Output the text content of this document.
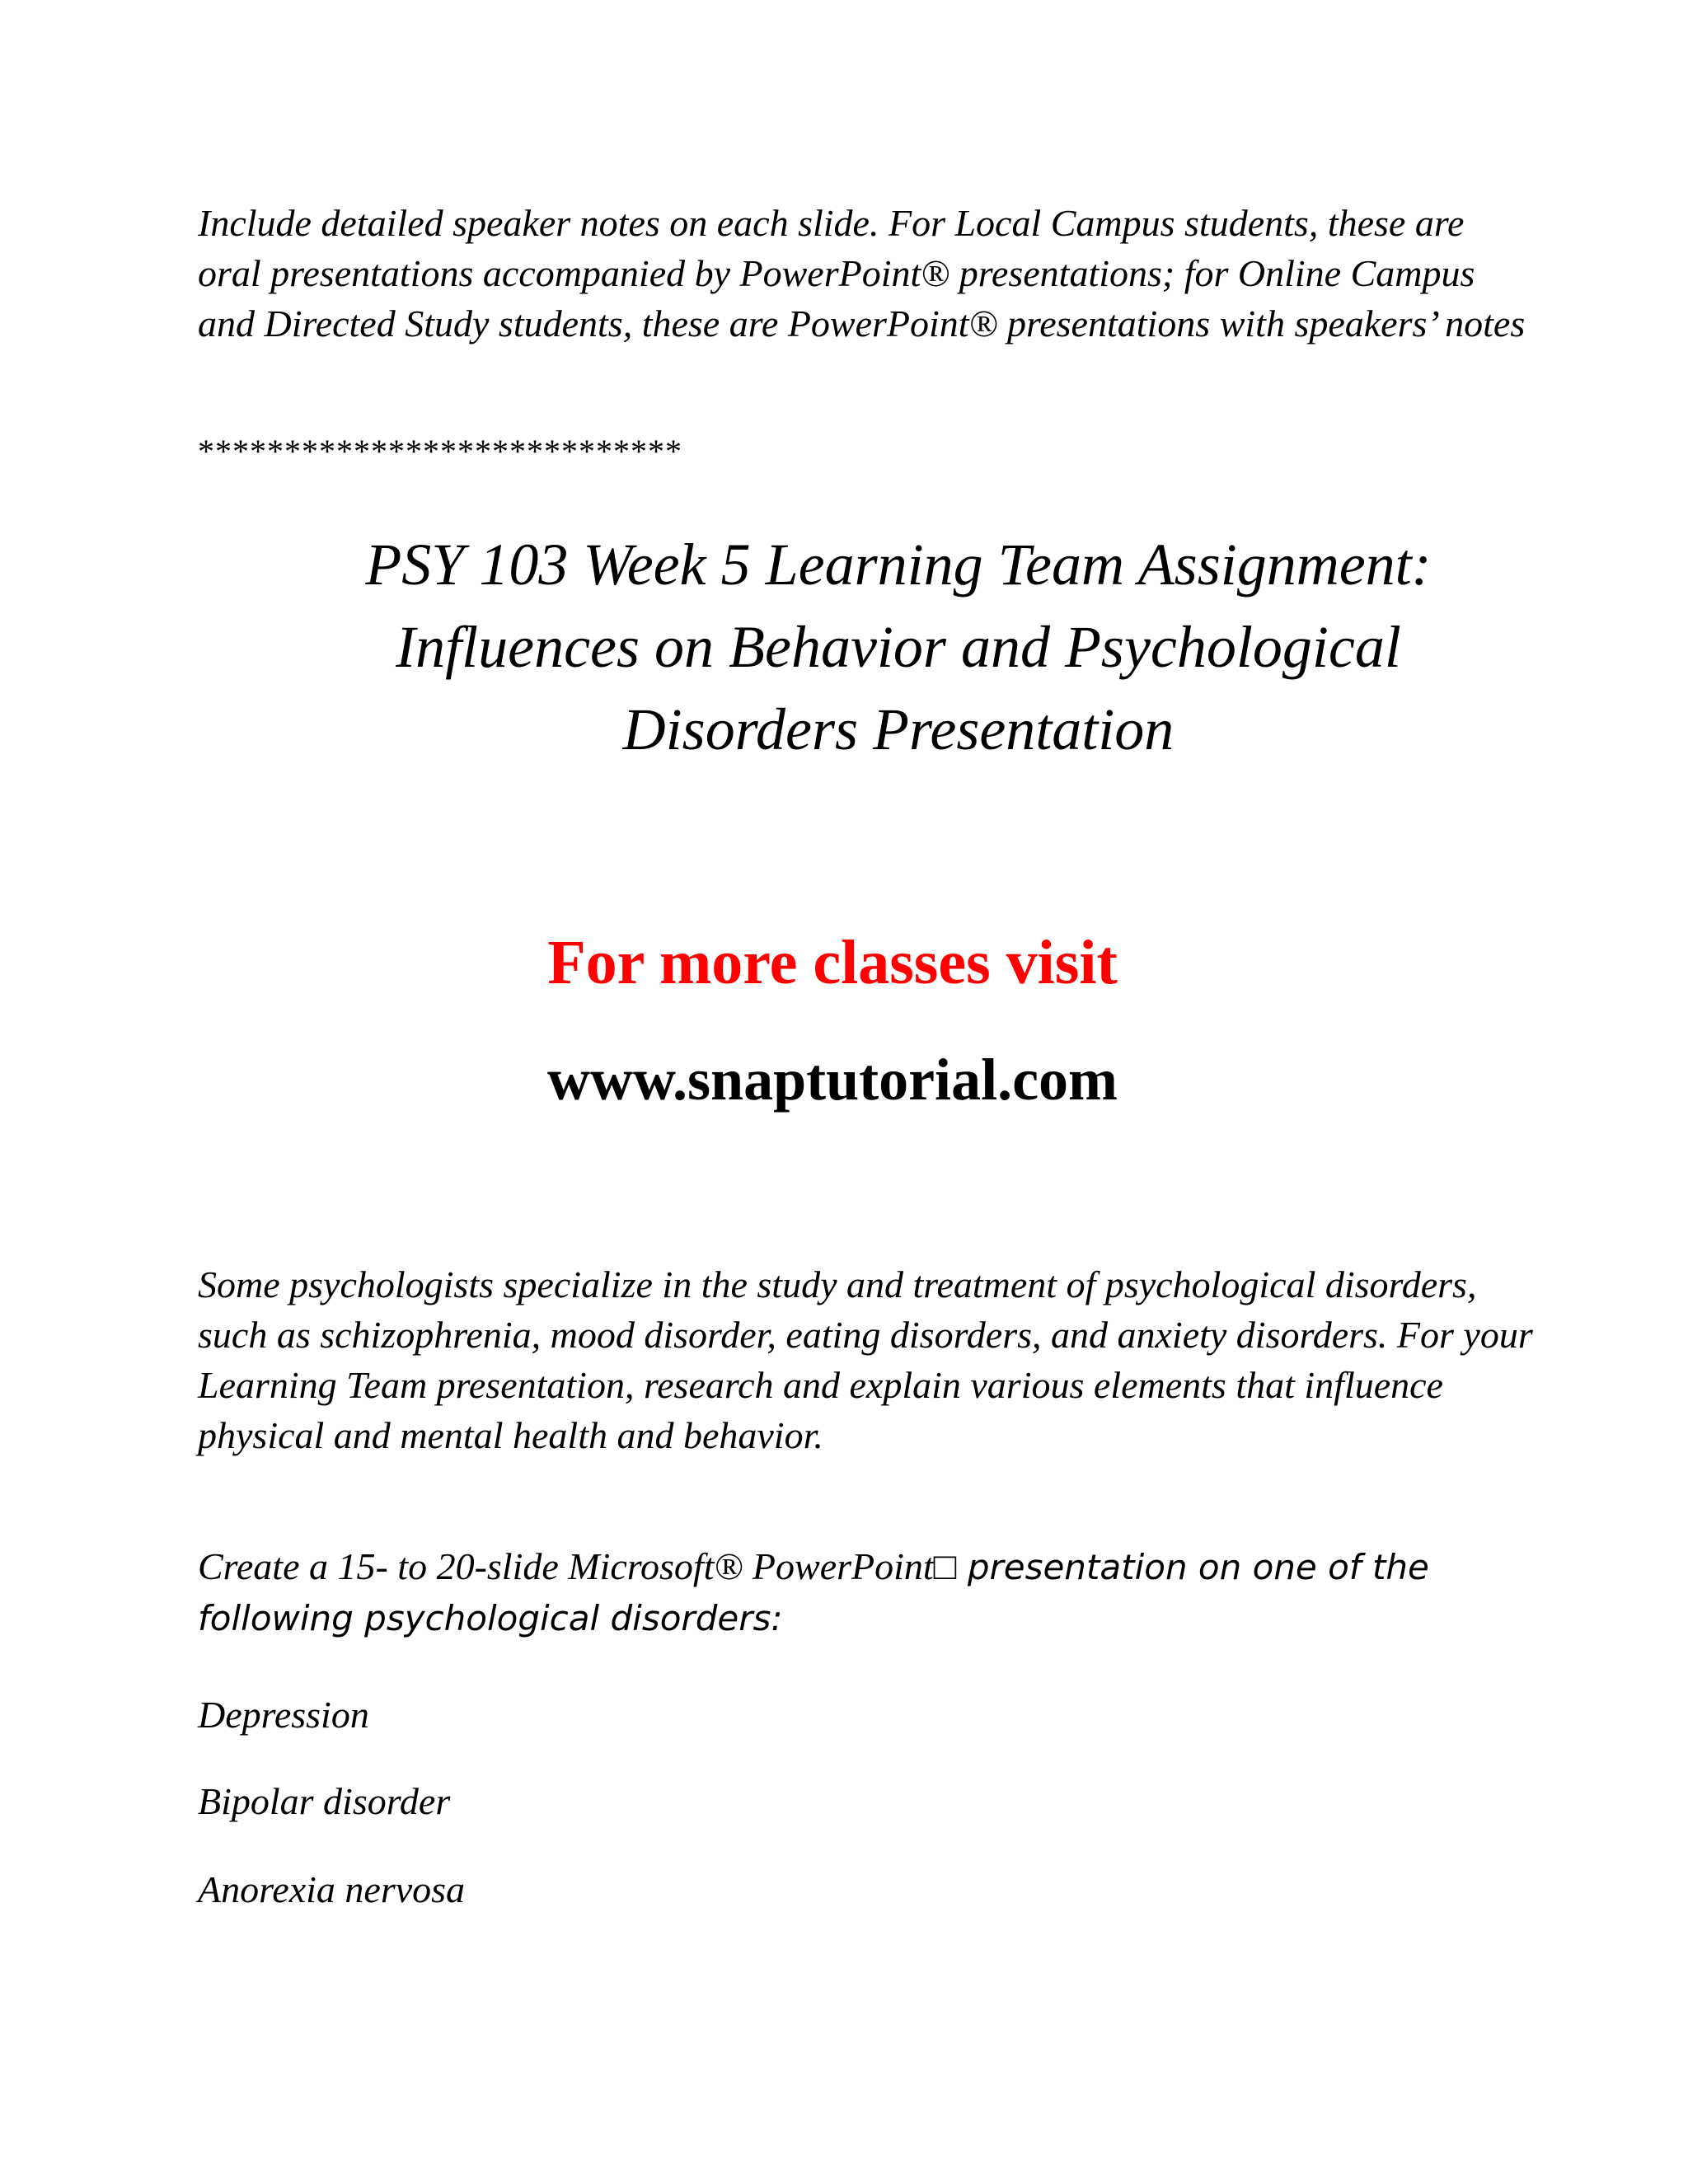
Include detailed speaker notes on each slide. For Local Campus students, these are oral presentations accompanied by PowerPoint® presentations; for Online Campus and Directed Study students, these are PowerPoint® presentations with speakers’ notes

****************************
PSY 103 Week 5 Learning Team Assignment:
Influences on Behavior and Psychological
Disorders Presentation
For more classes visit
www.snaptutorial.com

Some psychologists specialize in the study and treatment of psychological disorders, such as schizophrenia, mood disorder, eating disorders, and anxiety disorders. For your Learning Team presentation, research and explain various elements that influence physical and mental health and behavior.

Create a 15- to 20-slide Microsoft® PowerPoint□ presentation on one of the following psychological disorders:

Depression
Bipolar disorder
Anorexia nervosa
